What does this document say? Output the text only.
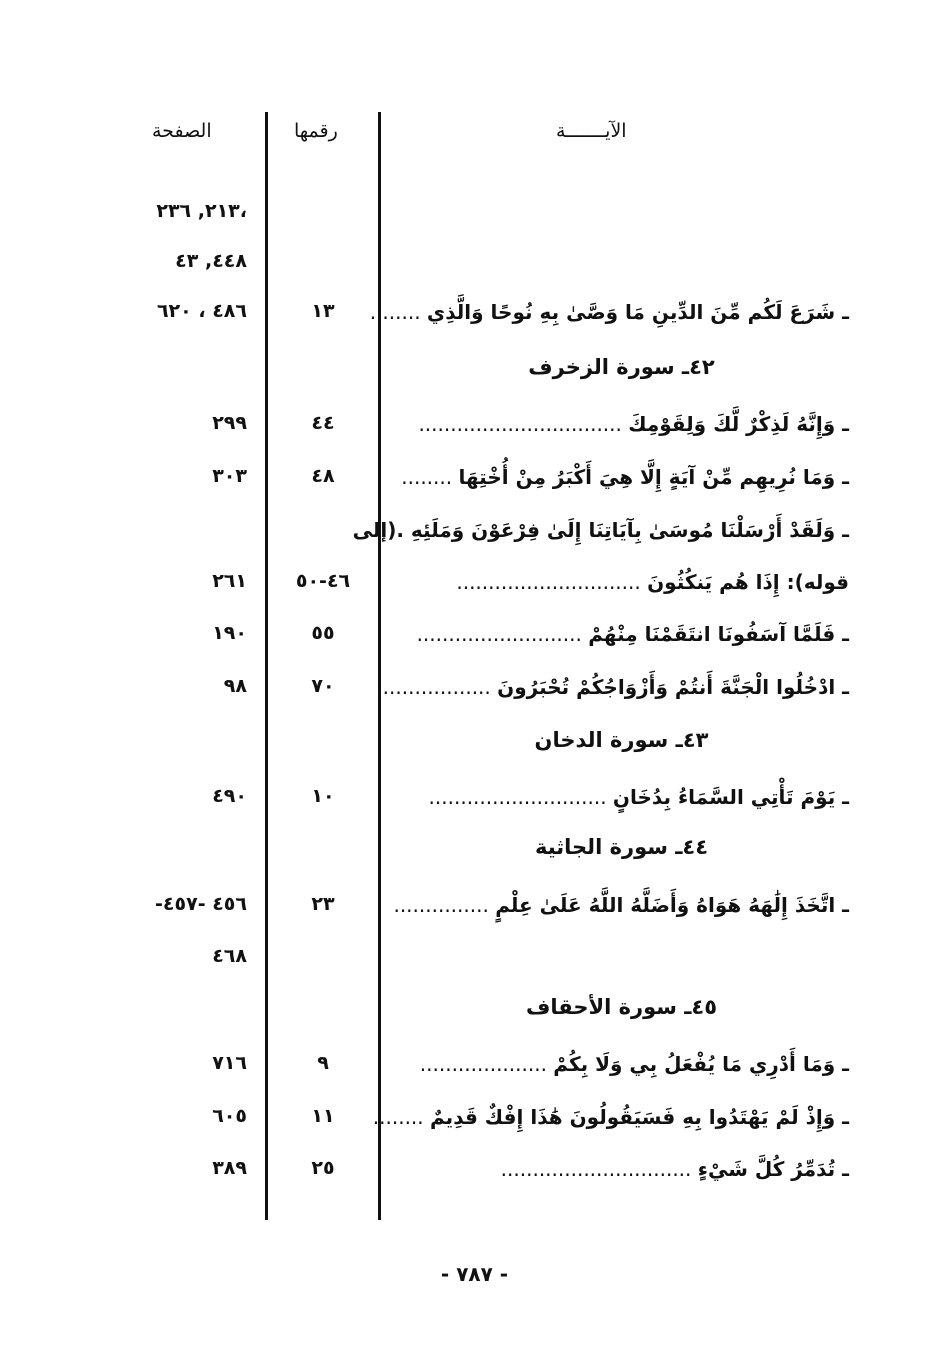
الصفحة	رقمها	الآيـــــــة
،٢١٣, ٢٣٦
٤٤٨, ٤٣
٤٦٨
ـ شَرَعَ لَكُم مِّنَ الدِّينِ مَا وَصَّىٰ بِهِ نُوحًا وَالَّذِي ........
١٣
٤٨٦ ، ٦٢٠
ـ وَإِنَّهُ لَذِكْرٌ لَّكَ وَلِقَوْمِكَ ................................
٤٤
٢٩٩
ـ وَمَا نُرِيهِم مِّنْ آيَةٍ إِلَّا هِيَ أَكْبَرُ مِنْ أُخْتِهَا ........
٤٨
٣٠٣
ـ وَلَقَدْ أَرْسَلْنَا مُوسَىٰ بِآيَاتِنَا إِلَىٰ فِرْعَوْنَ وَمَلَئِهِ .(إلى
قوله): إِذَا هُم يَنكُثُونَ .............................
٤٦-٥٠
٢٦١
ـ فَلَمَّا آسَفُونَا انتَقَمْنَا مِنْهُمْ ..........................
٥٥
١٩٠
ـ ادْخُلُوا الْجَنَّةَ أَنتُمْ وَأَزْوَاجُكُمْ تُحْبَرُونَ ..................
٧٠
٩٨
ـ يَوْمَ تَأْتِي السَّمَاءُ بِدُخَانٍ ............................
١٠
٤٩٠
ـ اتَّخَذَ إِلَٰهَهُ هَوَاهُ وَأَضَلَّهُ اللَّهُ عَلَىٰ عِلْمٍ ...............
٢٣
٤٥٦ -٤٥٧-
ـ وَمَا أَدْرِي مَا يُفْعَلُ بِي وَلَا بِكُمْ ....................
٩
٧١٦
ـ وَإِذْ لَمْ يَهْتَدُوا بِهِ فَسَيَقُولُونَ هَٰذَا إِفْكٌ قَدِيمٌ ........
١١
٦٠٥
ـ تُدَمِّرُ كُلَّ شَيْءٍ ..............................
٢٥
٣٨٩
٤٢ـ سورة الزخرف
٤٣ـ سورة الدخان
٤٤ـ سورة الجاثية
٤٥ـ سورة الأحقاف
- ٧٨٧ -
